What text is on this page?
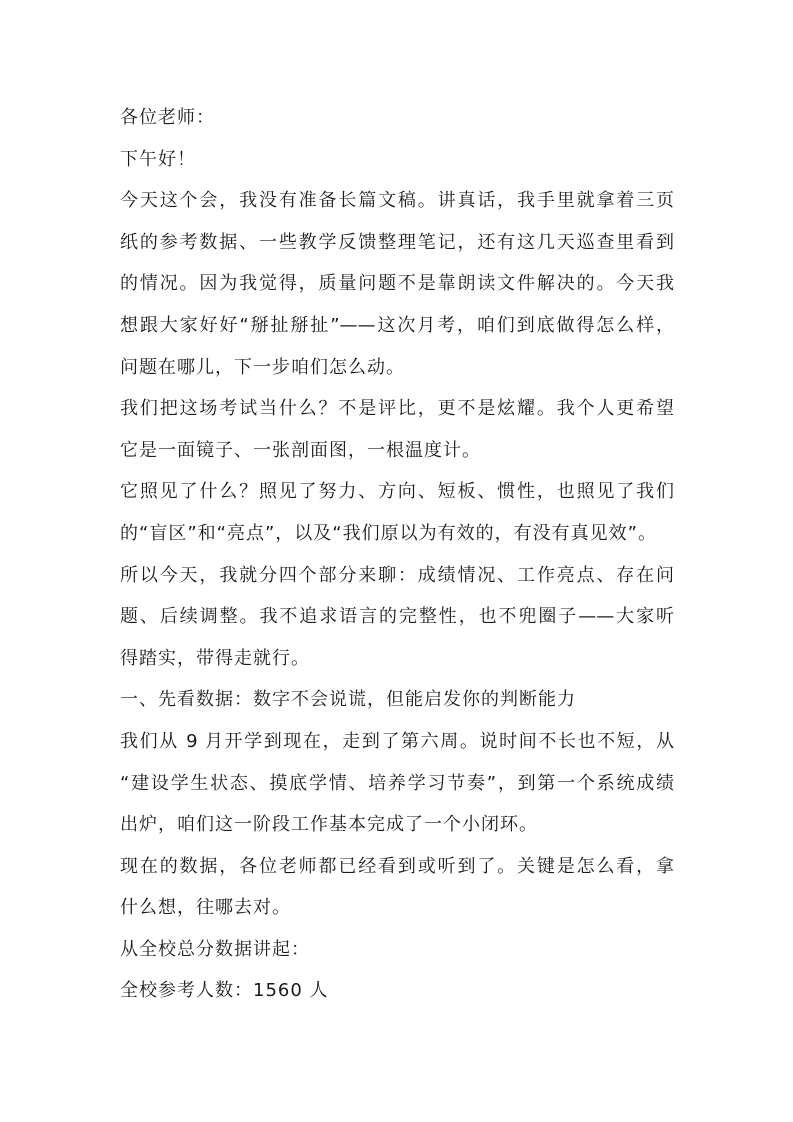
各位老师：
下午好！
今天这个会，我没有准备长篇文稿。讲真话，我手里就拿着三页
纸的参考数据、一些教学反馈整理笔记，还有这几天巡查里看到
的情况。因为我觉得，质量问题不是靠朗读文件解决的。今天我
想跟大家好好“掰扯掰扯”——这次月考，咱们到底做得怎么样，
问题在哪儿，下一步咱们怎么动。
我们把这场考试当什么？不是评比，更不是炫耀。我个人更希望
它是一面镜子、一张剖面图，一根温度计。
它照见了什么？照见了努力、方向、短板、惯性，也照见了我们
的“盲区”和“亮点”，以及“我们原以为有效的，有没有真见效”。
所以今天，我就分四个部分来聊：成绩情况、工作亮点、存在问
题、后续调整。我不追求语言的完整性，也不兜圈子——大家听
得踏实，带得走就行。
一、先看数据：数字不会说谎，但能启发你的判断能力
我们从 9 月开学到现在，走到了第六周。说时间不长也不短，从
“建设学生状态、摸底学情、培养学习节奏”，到第一个系统成绩
出炉，咱们这一阶段工作基本完成了一个小闭环。
现在的数据，各位老师都已经看到或听到了。关键是怎么看，拿
什么想，往哪去对。
从全校总分数据讲起：
全校参考人数：1560 人
